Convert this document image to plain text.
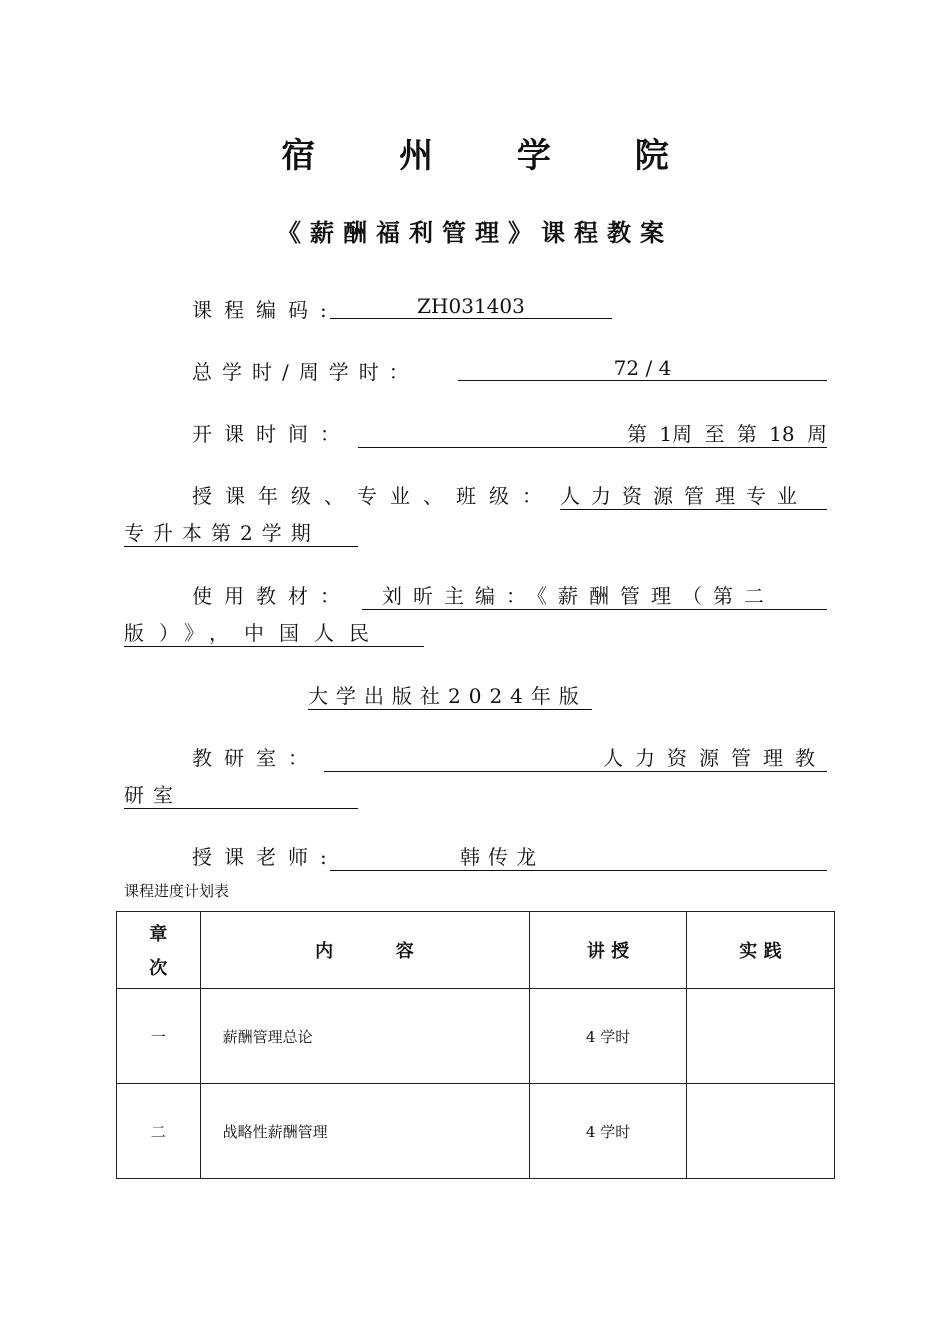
宿 州 学 院
《薪酬福利管理》课程教案
课程编码:	ZH031403
总学时/周学时：	72 / 4
开课时间：	第 1周 至 第 18 周
授课年级、专业、班级： 人力资源管理专业
专升本第2学期
使用教材：	刘昕主编：《薪酬管理（第二
版）》，中国人民
大学出版社2024年版
教研室：	人力资源管理教
研室
授课老师:	韩传龙
课程进度计划表
章
次	内          容	讲 授	实 践
一	薪酬管理总论	4 学时	
二	战略性薪酬管理	4 学时	
